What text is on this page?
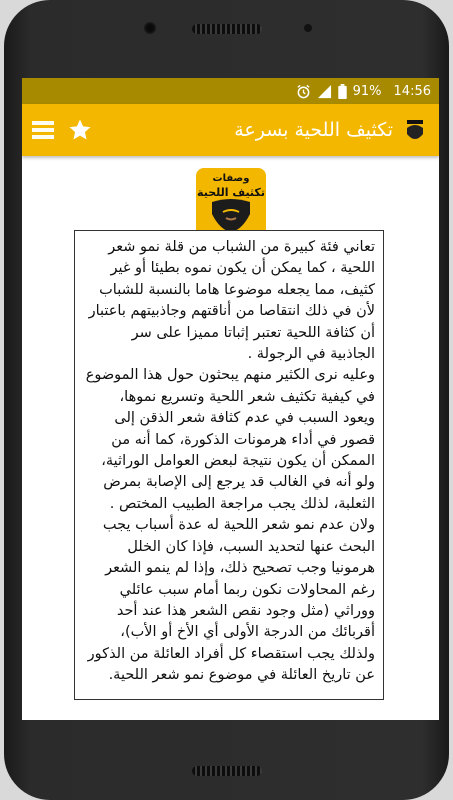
91% 14:56
تكثيف اللحية بسرعة
وصفات
تكثيف اللحية

تعاني فئة كبيرة من الشباب من قلة نمو شعر اللحية ، كما يمكن أن يكون نموه بطيئا أو غير كثيف، مما يجعله موضوعا هاما بالنسبة للشباب لأن في ذلك انتقاصا من أناقتهم وجاذبيتهم باعتبار أن كثافة اللحية تعتبر إثباتا مميزا على سر الجاذبية في الرجولة .

وعليه نرى الكثير منهم يبحثون حول هذا الموضوع في كيفية تكثيف شعر اللحية وتسريع نموها، ويعود السبب في عدم كثافة شعر الذقن إلى قصور في أداء هرمونات الذكورة، كما أنه من الممكن أن يكون نتيجة لبعض العوامل الوراثية، ولو أنه في الغالب قد يرجع إلى الإصابة بمرض الثعلبة، لذلك يجب مراجعة الطبيب المختص .

ولان عدم نمو شعر اللحية له عدة أسباب يجب البحث عنها لتحديد السبب، فإذا كان الخلل هرمونيا وجب تصحيح ذلك، وإذا لم ينمو الشعر رغم المحاولات نكون ربما أمام سبب عائلي ووراثي (مثل وجود نقص الشعر هذا عند أحد أقربائك من الدرجة الأولى أي الأخ أو الأب)، ولذلك يجب استقصاء كل أفراد العائلة من الذكور عن تاريخ العائلة في موضوع نمو شعر اللحية.
